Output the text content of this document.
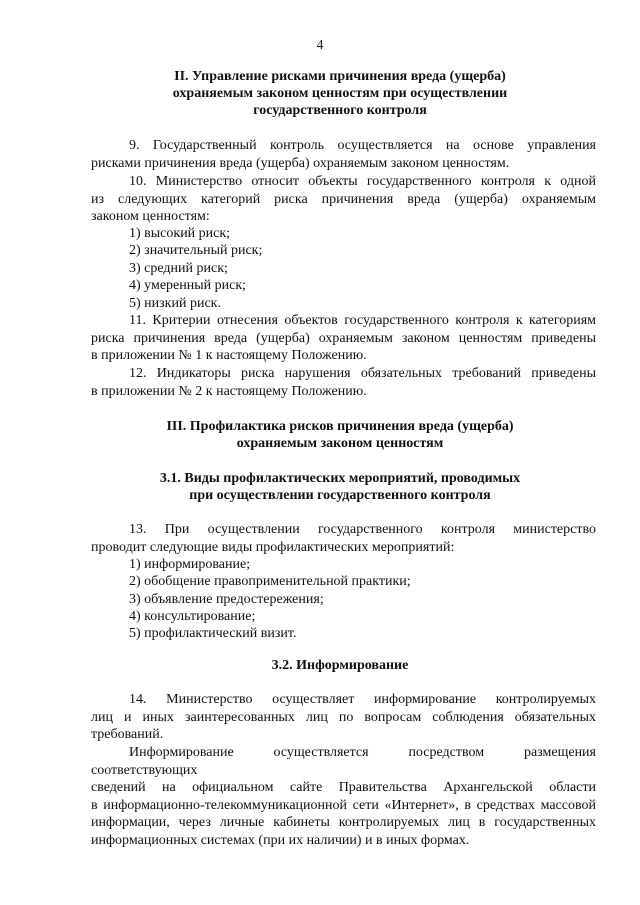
4
II. Управление рисками причинения вреда (ущерба)
охраняемым законом ценностям при осуществлении
государственного контроля
9. Государственный контроль осуществляется на основе управления
рисками причинения вреда (ущерба) охраняемым законом ценностям.
10. Министерство относит объекты государственного контроля к одной
из следующих категорий риска причинения вреда (ущерба) охраняемым
законом ценностям:
1) высокий риск;
2) значительный риск;
3) средний риск;
4) умеренный риск;
5) низкий риск.
11. Критерии отнесения объектов государственного контроля к категориям
риска причинения вреда (ущерба) охраняемым законом ценностям приведены
в приложении № 1 к настоящему Положению.
12. Индикаторы риска нарушения обязательных требований приведены
в приложении № 2 к настоящему Положению.
III. Профилактика рисков причинения вреда (ущерба)
охраняемым законом ценностям
3.1. Виды профилактических мероприятий, проводимых
при осуществлении государственного контроля
13. При осуществлении государственного контроля министерство
проводит следующие виды профилактических мероприятий:
1) информирование;
2) обобщение правоприменительной практики;
3) объявление предостережения;
4) консультирование;
5) профилактический визит.
3.2. Информирование
14. Министерство осуществляет информирование контролируемых
лиц и иных заинтересованных лиц по вопросам соблюдения обязательных
требований.
Информирование осуществляется посредством размещения соответствующих
сведений на официальном сайте Правительства Архангельской области
в информационно-телекоммуникационной сети «Интернет», в средствах массовой
информации, через личные кабинеты контролируемых лиц в государственных
информационных системах (при их наличии) и в иных формах.
